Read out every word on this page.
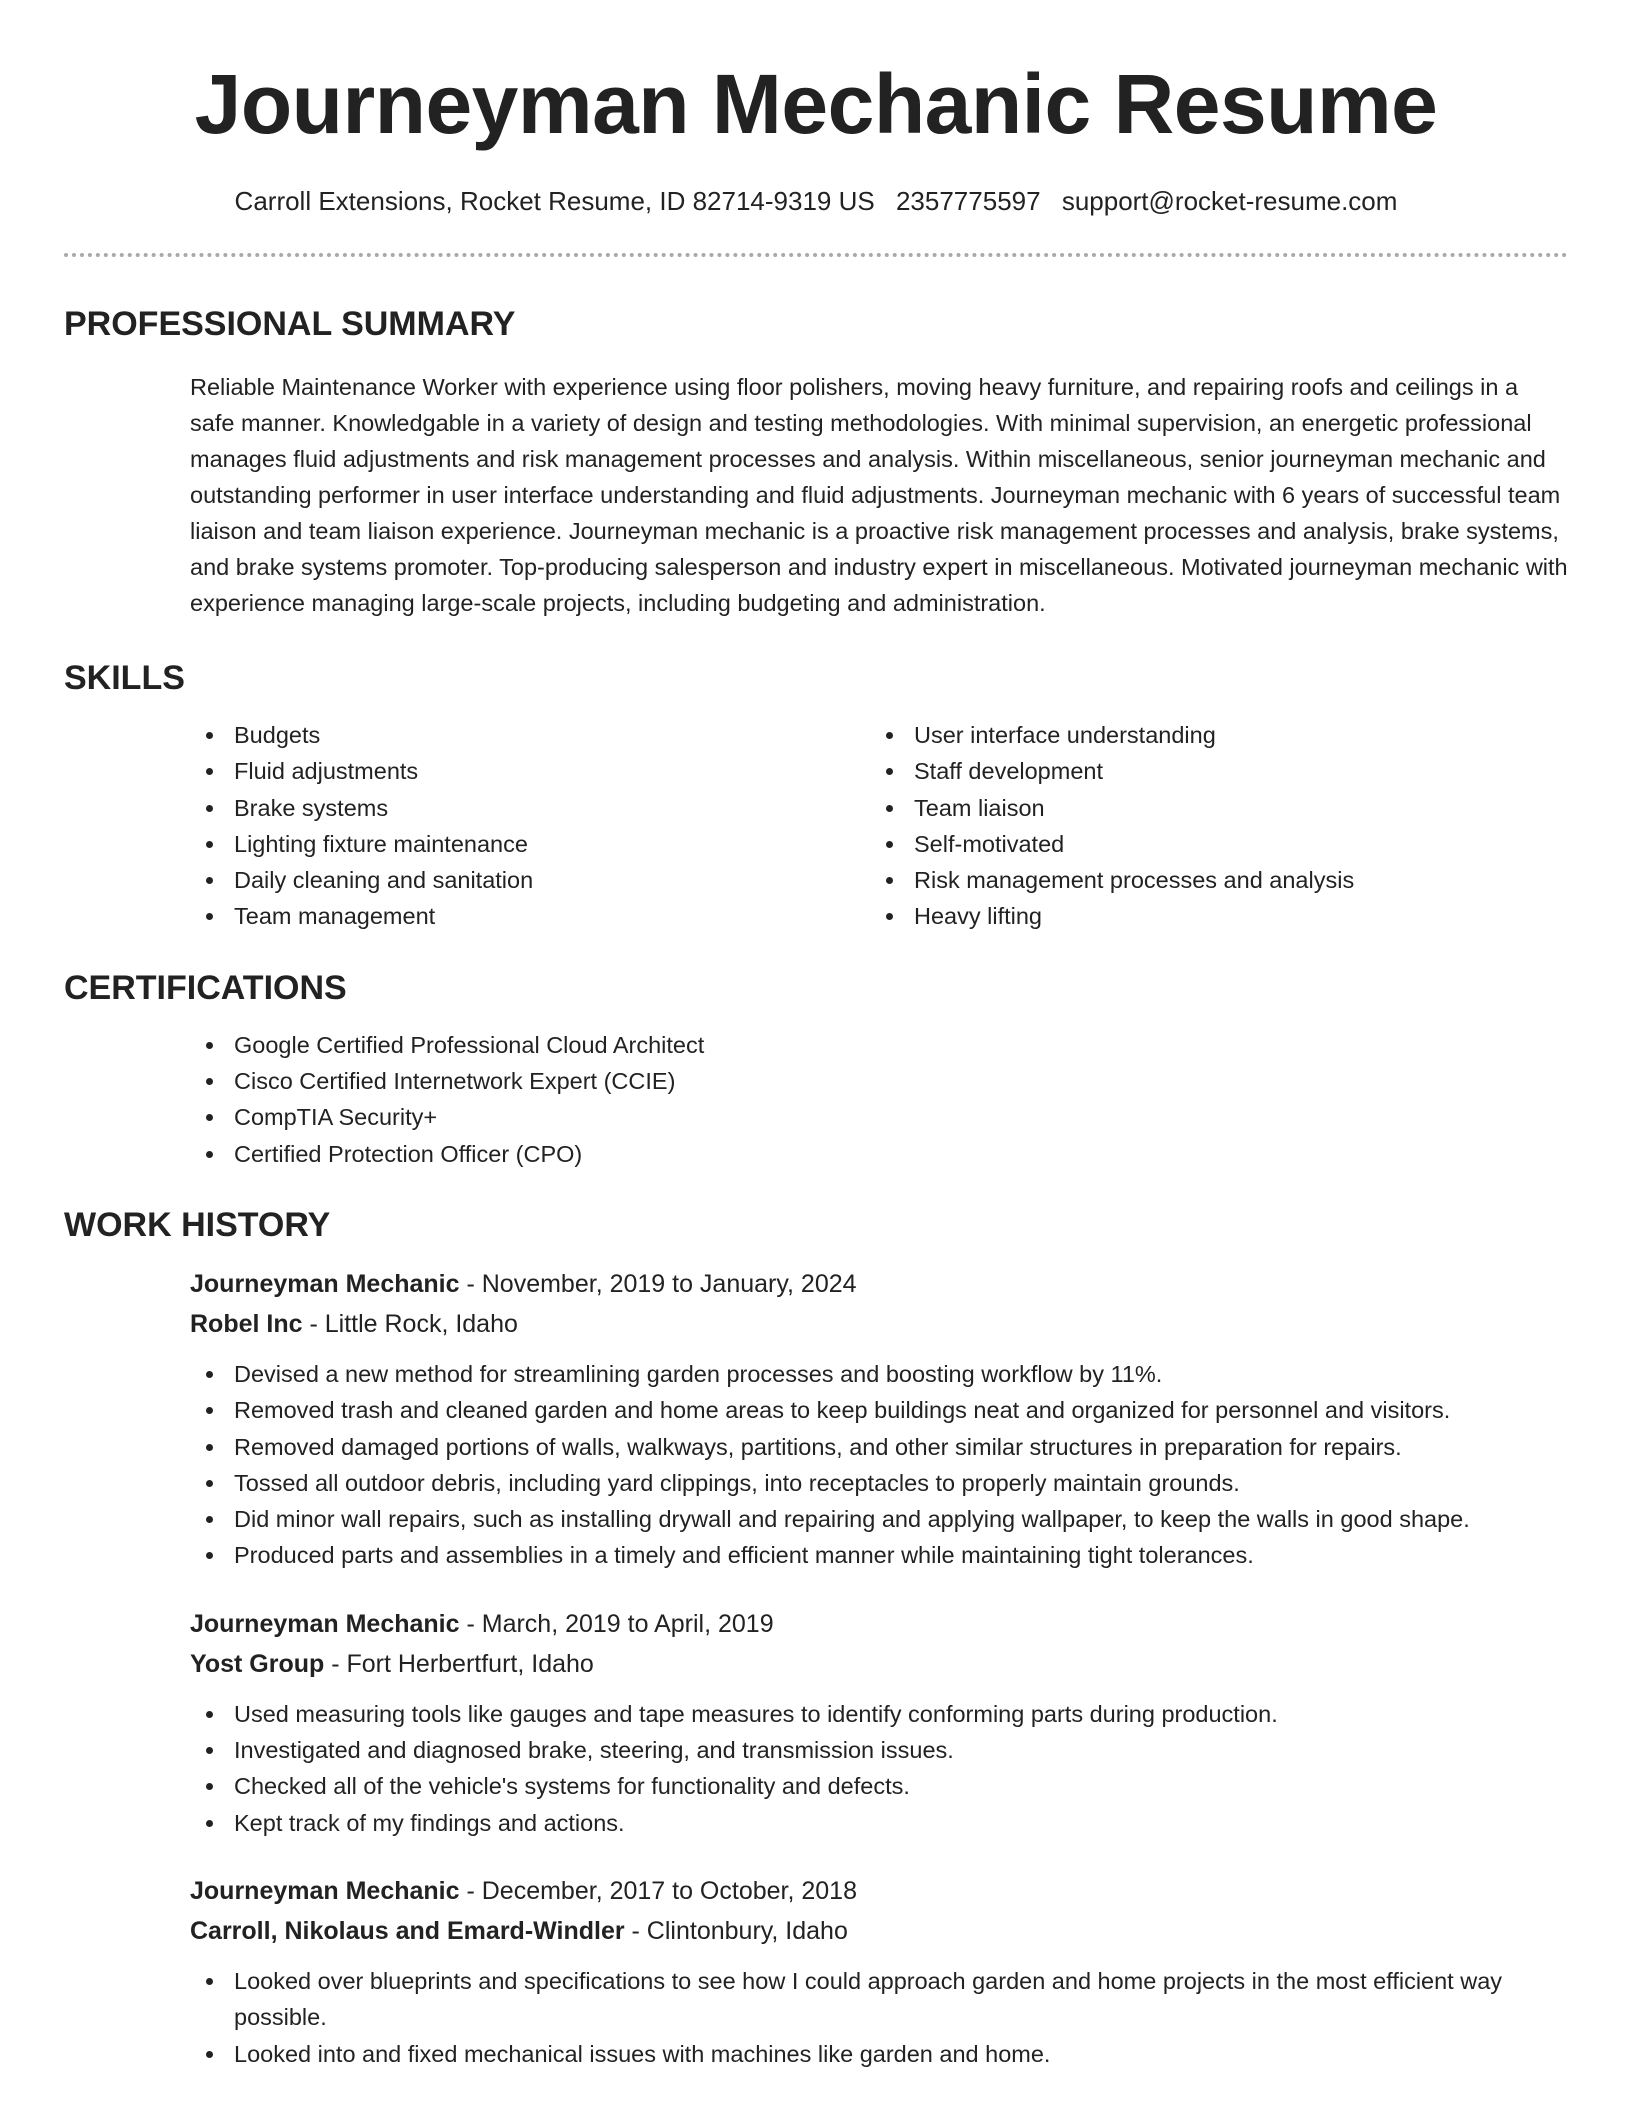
Journeyman Mechanic Resume
Carroll Extensions, Rocket Resume, ID 82714-9319 US 2357775597 support@rocket-resume.com
PROFESSIONAL SUMMARY

Reliable Maintenance Worker with experience using floor polishers, moving heavy furniture, and repairing roofs and ceilings in a safe manner. Knowledgable in a variety of design and testing methodologies. With minimal supervision, an energetic professional manages fluid adjustments and risk management processes and analysis. Within miscellaneous, senior journeyman mechanic and outstanding performer in user interface understanding and fluid adjustments. Journeyman mechanic with 6 years of successful team liaison and team liaison experience. Journeyman mechanic is a proactive risk management processes and analysis, brake systems, and brake systems promoter. Top-producing salesperson and industry expert in miscellaneous. Motivated journeyman mechanic with experience managing large-scale projects, including budgeting and administration.

SKILLS
Budgets
Fluid adjustments
Brake systems
Lighting fixture maintenance
Daily cleaning and sanitation
Team management
User interface understanding
Staff development
Team liaison
Self-motivated
Risk management processes and analysis
Heavy lifting
CERTIFICATIONS
Google Certified Professional Cloud Architect
Cisco Certified Internetwork Expert (CCIE)
CompTIA Security+
Certified Protection Officer (CPO)
WORK HISTORY
Journeyman Mechanic - November, 2019 to January, 2024
Robel Inc - Little Rock, Idaho
Devised a new method for streamlining garden processes and boosting workflow by 11%.
Removed trash and cleaned garden and home areas to keep buildings neat and organized for personnel and visitors.
Removed damaged portions of walls, walkways, partitions, and other similar structures in preparation for repairs.
Tossed all outdoor debris, including yard clippings, into receptacles to properly maintain grounds.
Did minor wall repairs, such as installing drywall and repairing and applying wallpaper, to keep the walls in good shape.
Produced parts and assemblies in a timely and efficient manner while maintaining tight tolerances.
Journeyman Mechanic - March, 2019 to April, 2019
Yost Group - Fort Herbertfurt, Idaho
Used measuring tools like gauges and tape measures to identify conforming parts during production.
Investigated and diagnosed brake, steering, and transmission issues.
Checked all of the vehicle's systems for functionality and defects.
Kept track of my findings and actions.
Journeyman Mechanic - December, 2017 to October, 2018
Carroll, Nikolaus and Emard-Windler - Clintonbury, Idaho
Looked over blueprints and specifications to see how I could approach garden and home projects in the most efficient way possible.
Looked into and fixed mechanical issues with machines like garden and home.
